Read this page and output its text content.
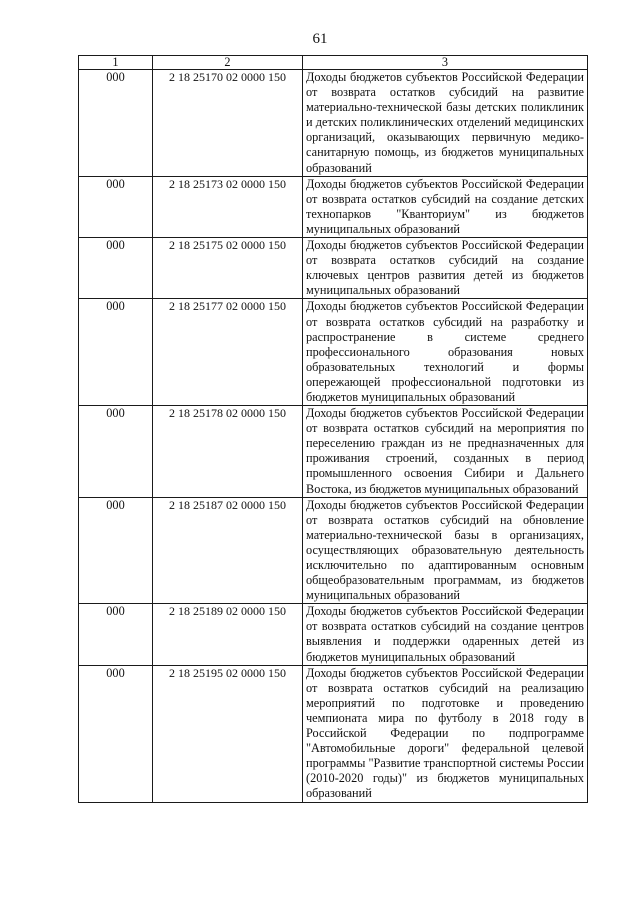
61
1	2	3
000	2 18 25170 02 0000 150	Доходы бюджетов субъектов Российской Федерации от возврата остатков субсидий на развитие материально-технической базы детских поликлиник и детских поликлинических отделений медицинских организаций, оказывающих первичную медико-санитарную помощь, из бюджетов муниципальных образований
000	2 18 25173 02 0000 150	Доходы бюджетов субъектов Российской Федерации от возврата остатков субсидий на создание детских технопарков "Кванториум" из бюджетов муниципальных образований
000	2 18 25175 02 0000 150	Доходы бюджетов субъектов Российской Федерации от возврата остатков субсидий на создание ключевых центров развития детей из бюджетов муниципальных образований
000	2 18 25177 02 0000 150	Доходы бюджетов субъектов Российской Федерации от возврата остатков субсидий на разработку и распространение в системе среднего профессионального образования новых образовательных технологий и формы опережающей профессиональной подготовки из бюджетов муниципальных образований
000	2 18 25178 02 0000 150	Доходы бюджетов субъектов Российской Федерации от возврата остатков субсидий на мероприятия по переселению граждан из не предназначенных для проживания строений, созданных в период промышленного освоения Сибири и Дальнего Востока, из бюджетов муниципальных образований
000	2 18 25187 02 0000 150	Доходы бюджетов субъектов Российской Федерации от возврата остатков субсидий на обновление материально-технической базы в организациях, осуществляющих образовательную деятельность исключительно по адаптированным основным общеобразовательным программам, из бюджетов муниципальных образований
000	2 18 25189 02 0000 150	Доходы бюджетов субъектов Российской Федерации от возврата остатков субсидий на создание центров выявления и поддержки одаренных детей из бюджетов муниципальных образований
000	2 18 25195 02 0000 150	Доходы бюджетов субъектов Российской Федерации от возврата остатков субсидий на реализацию мероприятий по подготовке и проведению чемпионата мира по футболу в 2018 году в Российской Федерации по подпрограмме "Автомобильные дороги" федеральной целевой программы "Развитие транспортной системы России (2010-2020 годы)" из бюджетов муниципальных образований
